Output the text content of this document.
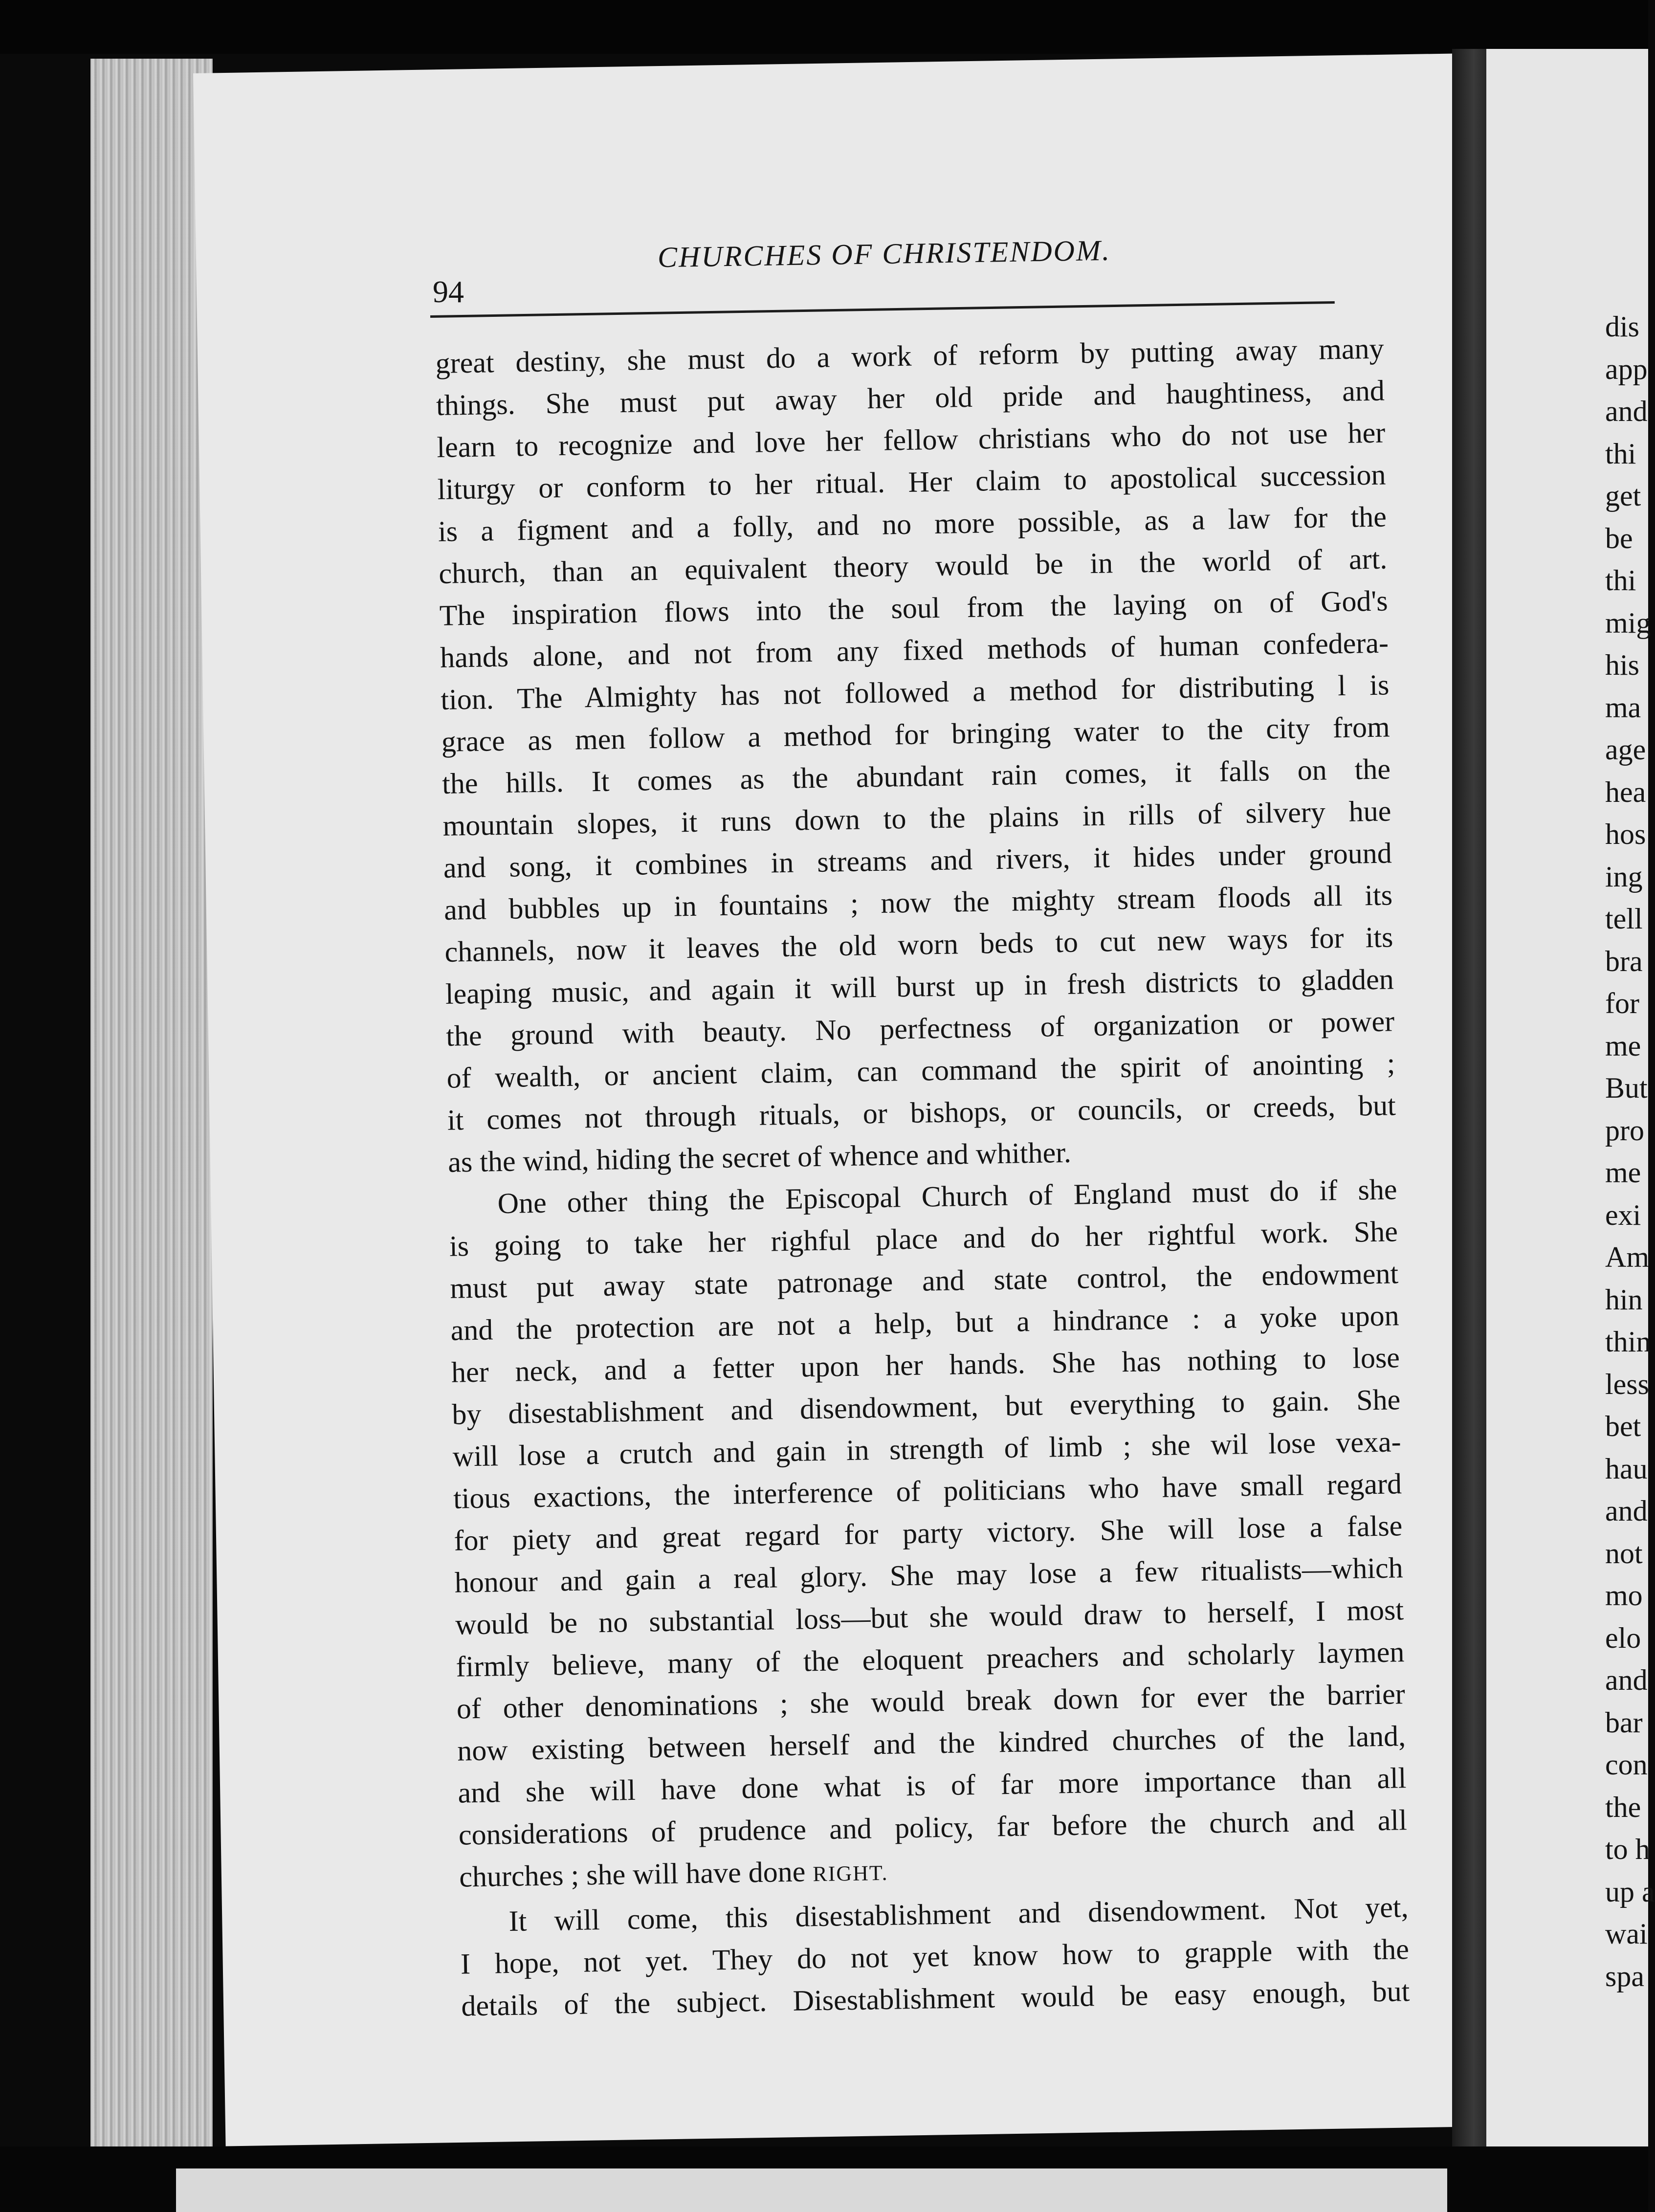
94
CHURCHES OF CHRISTENDOM.
great destiny, she must do a work of reform by putting away many
things. She must put away her old pride and haughtiness, and
learn to recognize and love her fellow christians who do not use her
liturgy or conform to her ritual. Her claim to apostolical succession
is a figment and a folly, and no more possible, as a law for the
church, than an equivalent theory would be in the world of art.
The inspiration flows into the soul from the laying on of God's
hands alone, and not from any fixed methods of human confedera-
tion. The Almighty has not followed a method for distributing l is
grace as men follow a method for bringing water to the city from
the hills. It comes as the abundant rain comes, it falls on the
mountain slopes, it runs down to the plains in rills of silvery hue
and song, it combines in streams and rivers, it hides under ground
and bubbles up in fountains ; now the mighty stream floods all its
channels, now it leaves the old worn beds to cut new ways for its
leaping music, and again it will burst up in fresh districts to gladden
the ground with beauty. No perfectness of organization or power
of wealth, or ancient claim, can command the spirit of anointing ;
it comes not through rituals, or bishops, or councils, or creeds, but
as the wind, hiding the secret of whence and whither.
One other thing the Episcopal Church of England must do if she
is going to take her righful place and do her rightful work. She
must put away state patronage and state control, the endowment
and the protection are not a help, but a hindrance : a yoke upon
her neck, and a fetter upon her hands. She has nothing to lose
by disestablishment and disendowment, but everything to gain. She
will lose a crutch and gain in strength of limb ; she wil lose vexa-
tious exactions, the interference of politicians who have small regard
for piety and great regard for party victory. She will lose a false
honour and gain a real glory. She may lose a few ritualists—which
would be no substantial loss—but she would draw to herself, I most
firmly believe, many of the eloquent preachers and scholarly laymen
of other denominations ; she would break down for ever the barrier
now existing between herself and the kindred churches of the land,
and she will have done what is of far more importance than all
considerations of prudence and policy, far before the church and all
churches ; she will have done RIGHT.
It will come, this disestablishment and disendowment. Not yet,
I hope, not yet. They do not yet know how to grapple with the
details of the subject. Disestablishment would be easy enough, but
dis
app
and
thi
get
be
thi
mig
his
ma
age
hea
hos
ing
tell
bra
for
me
But
pro
me
exi
Am
hin
thin
less
bet
hau
and
not
mo
elo
and
bar
con
the
to h
up a
wai
spa
